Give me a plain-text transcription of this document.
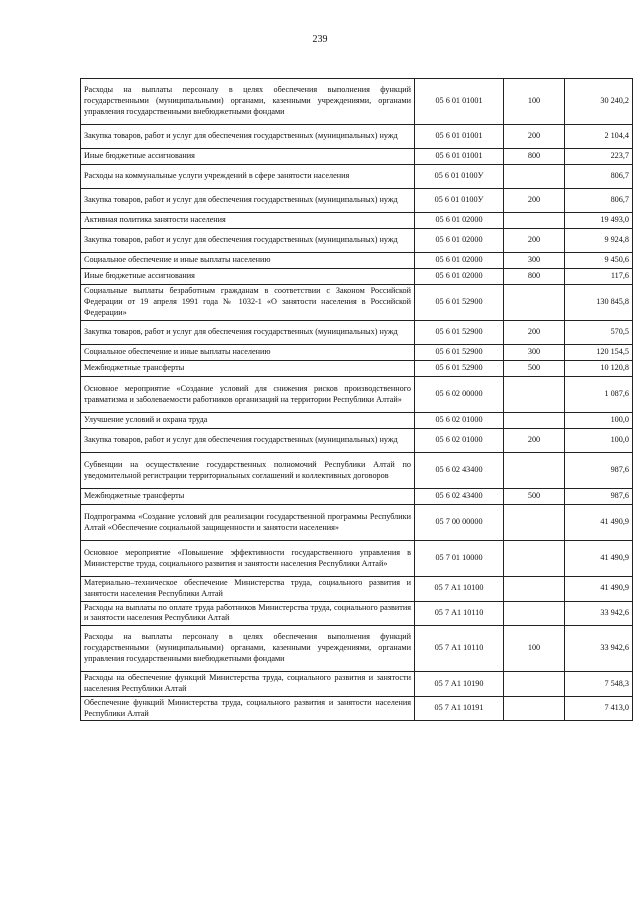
239
Расходы на выплаты персоналу в целях обеспечения выполнения функций государственными (муниципальными) органами, казенными учреждениями, органами управления государственными внебюджетными фондами	05 6 01 01001	100	30 240,2
Закупка товаров, работ и услуг для обеспечения государственных (муниципальных) нужд	05 6 01 01001	200	2 104,4
Иные бюджетные ассигнования	05 6 01 01001	800	223,7
Расходы на коммунальные услуги учреждений в сфере занятости населения	05 6 01 0100У		806,7
Закупка товаров, работ и услуг для обеспечения государственных (муниципальных) нужд	05 6 01 0100У	200	806,7
Активная политика занятости населения	05 6 01 02000		19 493,0
Закупка товаров, работ и услуг для обеспечения государственных (муниципальных) нужд	05 6 01 02000	200	9 924,8
Социальное обеспечение и иные выплаты населению	05 6 01 02000	300	9 450,6
Иные бюджетные ассигнования	05 6 01 02000	800	117,6
Социальные выплаты безработным гражданам в соответствии с Законом Российской Федерации от 19 апреля 1991 года № 1032-1 «О занятости населения в Российской Федерации»	05 6 01 52900		130 845,8
Закупка товаров, работ и услуг для обеспечения государственных (муниципальных) нужд	05 6 01 52900	200	570,5
Социальное обеспечение и иные выплаты населению	05 6 01 52900	300	120 154,5
Межбюджетные трансферты	05 6 01 52900	500	10 120,8
Основное мероприятие «Создание условий для снижения рисков производственного травматизма и заболеваемости работников организаций на территории Республики Алтай»	05 6 02 00000		1 087,6
Улучшение условий и охрана труда	05 6 02 01000		100,0
Закупка товаров, работ и услуг для обеспечения государственных (муниципальных) нужд	05 6 02 01000	200	100,0
Субвенции на осуществление государственных полномочий Республики Алтай по уведомительной регистрации территориальных соглашений и коллективных договоров	05 6 02 43400		987,6
Межбюджетные трансферты	05 6 02 43400	500	987,6
Подпрограмма «Создание условий для реализации государственной программы Республики Алтай «Обеспечение социальной защищенности и занятости населения»	05 7 00 00000		41 490,9
Основное мероприятие «Повышение эффективности государственного управления в Министерстве труда, социального развития и занятости населения Республики Алтай»	05 7 01 10000		41 490,9
Материально–техническое обеспечение Министерства труда, социального развития и занятости населения Республики Алтай	05 7 А1 10100		41 490,9
Расходы на выплаты по оплате труда работников Министерства труда, социального развития и занятости населения Республики Алтай	05 7 А1 10110		33 942,6
Расходы на выплаты персоналу в целях обеспечения выполнения функций государственными (муниципальными) органами, казенными учреждениями, органами управления государственными внебюджетными фондами	05 7 А1 10110	100	33 942,6
Расходы на обеспечение функций Министерства труда, социального развития и занятости населения Республики Алтай	05 7 А1 10190		7 548,3
Обеспечение функций Министерства труда, социального развития и занятости населения Республики Алтай	05 7 А1 10191		7 413,0
